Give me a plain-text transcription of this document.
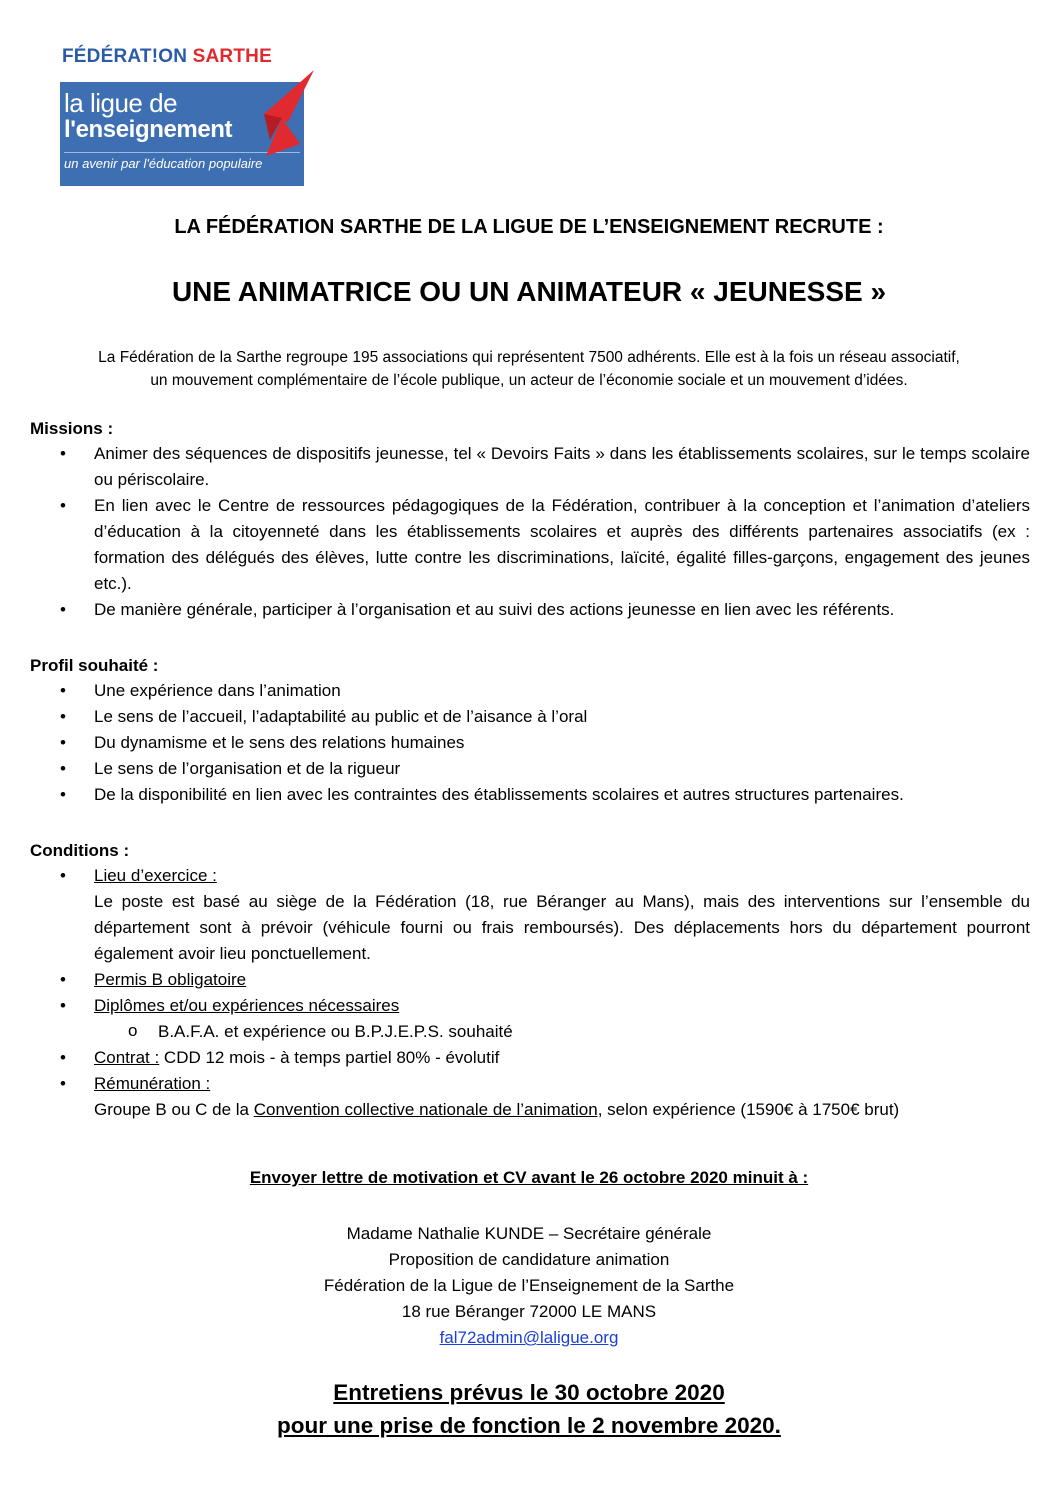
FÉDÉRAT!ON SARTHE
la ligue de
l'enseignement
un avenir par l'éducation populaire
LA FÉDÉRATION SARTHE DE LA LIGUE DE L’ENSEIGNEMENT RECRUTE :
UNE ANIMATRICE OU UN ANIMATEUR « JEUNESSE »
La Fédération de la Sarthe regroupe 195 associations qui représentent 7500 adhérents. Elle est à la fois un réseau associatif,
un mouvement complémentaire de l’école publique, un acteur de l’économie sociale et un mouvement d’idées.
Missions :
• Animer des séquences de dispositifs jeunesse, tel « Devoirs Faits » dans les établissements scolaires, sur le temps scolaire ou périscolaire.
• En lien avec le Centre de ressources pédagogiques de la Fédération, contribuer à la conception et l’animation d’ateliers d’éducation à la citoyenneté dans les établissements scolaires et auprès des différents partenaires associatifs (ex : formation des délégués des élèves, lutte contre les discriminations, laïcité, égalité filles-garçons, engagement des jeunes etc.).
• De manière générale, participer à l’organisation et au suivi des actions jeunesse en lien avec les référents.
Profil souhaité :
• Une expérience dans l’animation
• Le sens de l’accueil, l’adaptabilité au public et de l’aisance à l’oral
• Du dynamisme et le sens des relations humaines
• Le sens de l’organisation et de la rigueur
• De la disponibilité en lien avec les contraintes des établissements scolaires et autres structures partenaires.
Conditions :
• Lieu d’exercice :
Le poste est basé au siège de la Fédération (18, rue Béranger au Mans), mais des interventions sur l’ensemble du département sont à prévoir (véhicule fourni ou frais remboursés). Des déplacements hors du département pourront également avoir lieu ponctuellement.
• Permis B obligatoire
• Diplômes et/ou expériences nécessaires
o B.A.F.A. et expérience ou B.P.J.E.P.S. souhaité
• Contrat : CDD 12 mois - à temps partiel 80% - évolutif
• Rémunération :
Groupe B ou C de la Convention collective nationale de l’animation, selon expérience (1590€ à 1750€ brut)
Envoyer lettre de motivation et CV avant le 26 octobre 2020 minuit à :
Madame Nathalie KUNDE – Secrétaire générale
Proposition de candidature animation
Fédération de la Ligue de l’Enseignement de la Sarthe
18 rue Béranger 72000 LE MANS
fal72admin@laligue.org
Entretiens prévus le 30 octobre 2020
pour une prise de fonction le 2 novembre 2020.
